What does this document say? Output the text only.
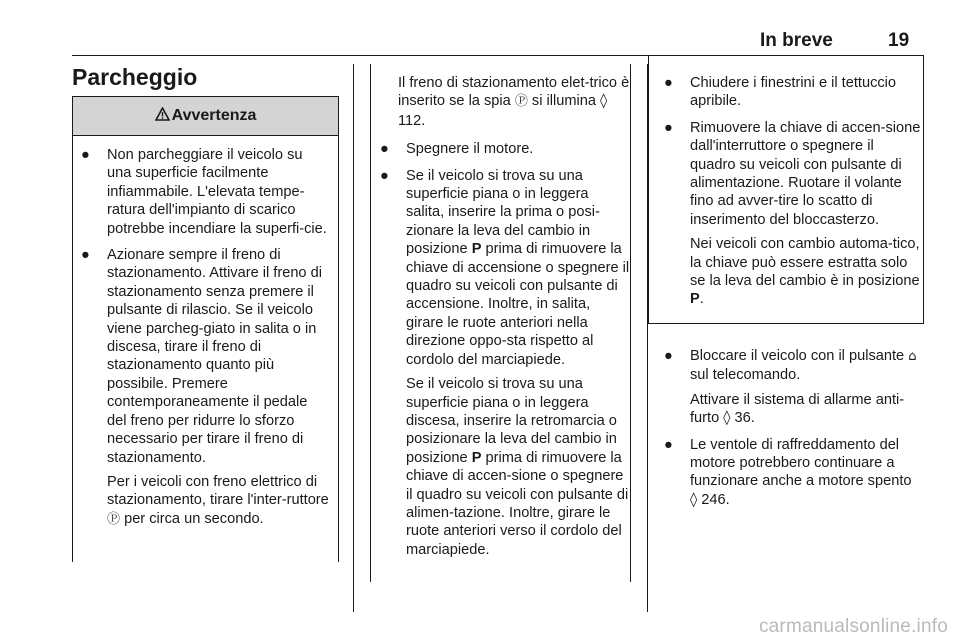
In breve	19
Parcheggio
Avvertenza
● Non parcheggiare il veicolo su una superficie facilmente infiammabile. L'elevata tempe-ratura dell'impianto di scarico potrebbe incendiare la superfi-cie.
● Azionare sempre il freno di stazionamento. Attivare il freno di stazionamento senza premere il pulsante di rilascio. Se il veicolo viene parcheg-giato in salita o in discesa, tirare il freno di stazionamento quanto più possibile. Premere contemporaneamente il pedale del freno per ridurre lo sforzo necessario per tirare il freno di stazionamento.
Per i veicoli con freno elettrico di stazionamento, tirare l'inter-ruttore Ⓟ per circa un secondo.

Il freno di stazionamento elet-trico è inserito se la spia Ⓟ si illumina ◊ 112.

● Spegnere il motore.
● Se il veicolo si trova su una superficie piana o in leggera salita, inserire la prima o posi-zionare la leva del cambio in posizione P prima di rimuovere la chiave di accensione o spegnere il quadro su veicoli con pulsante di accensione. Inoltre, in salita, girare le ruote anteriori nella direzione oppo-sta rispetto al cordolo del marciapiede.
Se il veicolo si trova su una superficie piana o in leggera discesa, inserire la retromarcia o posizionare la leva del cambio in posizione P prima di rimuovere la chiave di accen-sione o spegnere il quadro su veicoli con pulsante di alimen-tazione. Inoltre, girare le ruote anteriori verso il cordolo del marciapiede.
● Chiudere i finestrini e il tettuccio apribile.
● Rimuovere la chiave di accen-sione dall'interruttore o spegnere il quadro su veicoli con pulsante di alimentazione. Ruotare il volante fino ad avver-tire lo scatto di inserimento del bloccasterzo.
Nei veicoli con cambio automa-tico, la chiave può essere estratta solo se la leva del cambio è in posizione P.
● Bloccare il veicolo con il pulsante ⌂ sul telecomando.
Attivare il sistema di allarme anti-furto ◊ 36.
● Le ventole di raffreddamento del motore potrebbero continuare a funzionare anche a motore spento ◊ 246.
carmanualsonline.info
